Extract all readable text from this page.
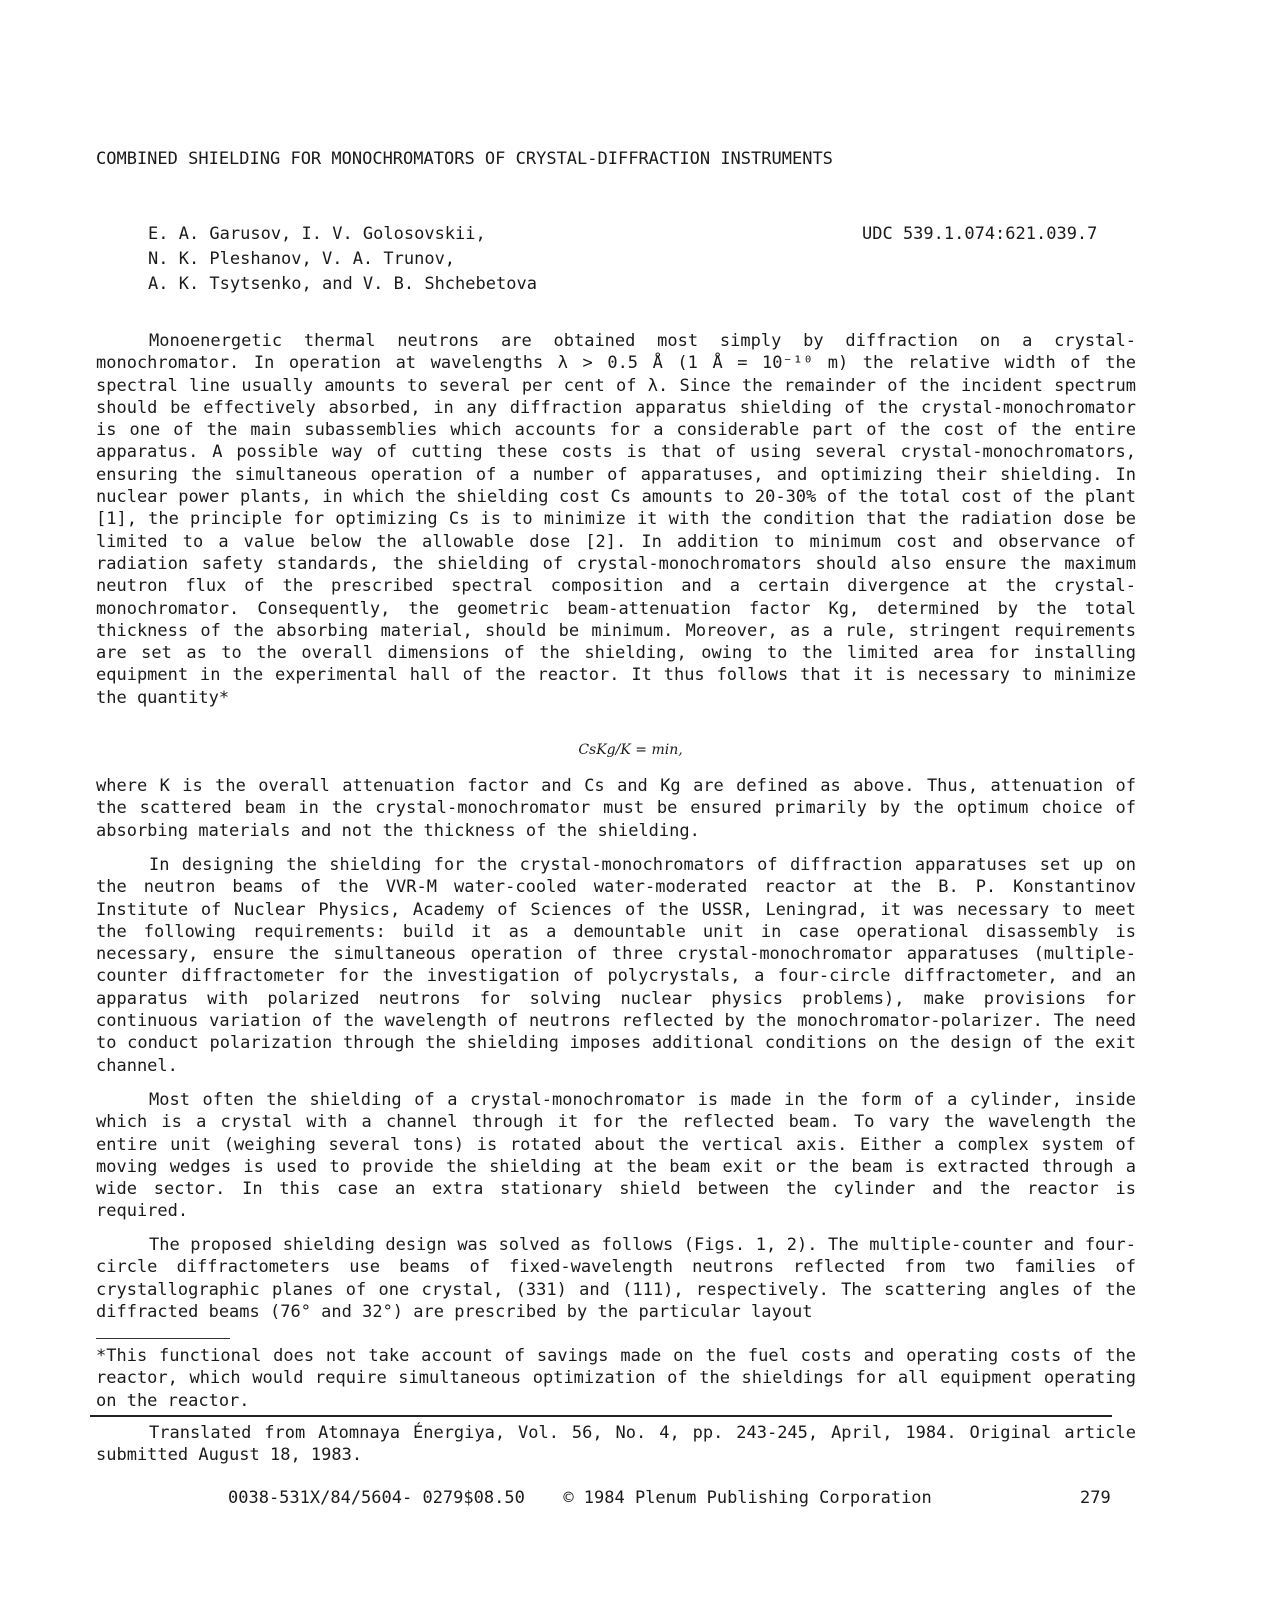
COMBINED SHIELDING FOR MONOCHROMATORS OF CRYSTAL-DIFFRACTION INSTRUMENTS
E. A. Garusov, I. V. Golosovskii,
N. K. Pleshanov, V. A. Trunov,
A. K. Tsytsenko, and V. B. Shchebetova
UDC 539.1.074:621.039.7

Monoenergetic thermal neutrons are obtained most simply by diffraction on a crystal-monochromator. In operation at wavelengths λ > 0.5 Å (1 Å = 10⁻¹⁰ m) the relative width of the spectral line usually amounts to several per cent of λ. Since the remainder of the incident spectrum should be effectively absorbed, in any diffraction apparatus shielding of the crystal-monochromator is one of the main subassemblies which accounts for a considerable part of the cost of the entire apparatus. A possible way of cutting these costs is that of using several crystal-monochromators, ensuring the simultaneous operation of a number of apparatuses, and optimizing their shielding. In nuclear power plants, in which the shielding cost Cs amounts to 20-30% of the total cost of the plant [1], the principle for optimizing Cs is to minimize it with the condition that the radiation dose be limited to a value below the allowable dose [2]. In addition to minimum cost and observance of radiation safety standards, the shielding of crystal-monochromators should also ensure the maximum neutron flux of the prescribed spectral composition and a certain divergence at the crystal-monochromator. Consequently, the geometric beam-attenuation factor Kg, determined by the total thickness of the absorbing material, should be minimum. Moreover, as a rule, stringent requirements are set as to the overall dimensions of the shielding, owing to the limited area for installing equipment in the experimental hall of the reactor. It thus follows that it is necessary to minimize the quantity*

CsKg/K = min,

where K is the overall attenuation factor and Cs and Kg are defined as above. Thus, attenuation of the scattered beam in the crystal-monochromator must be ensured primarily by the optimum choice of absorbing materials and not the thickness of the shielding.

In designing the shielding for the crystal-monochromators of diffraction apparatuses set up on the neutron beams of the VVR-M water-cooled water-moderated reactor at the B. P. Konstantinov Institute of Nuclear Physics, Academy of Sciences of the USSR, Leningrad, it was necessary to meet the following requirements: build it as a demountable unit in case operational disassembly is necessary, ensure the simultaneous operation of three crystal-monochromator apparatuses (multiple-counter diffractometer for the investigation of polycrystals, a four-circle diffractometer, and an apparatus with polarized neutrons for solving nuclear physics problems), make provisions for continuous variation of the wavelength of neutrons reflected by the monochromator-polarizer. The need to conduct polarization through the shielding imposes additional conditions on the design of the exit channel.

Most often the shielding of a crystal-monochromator is made in the form of a cylinder, inside which is a crystal with a channel through it for the reflected beam. To vary the wavelength the entire unit (weighing several tons) is rotated about the vertical axis. Either a complex system of moving wedges is used to provide the shielding at the beam exit or the beam is extracted through a wide sector. In this case an extra stationary shield between the cylinder and the reactor is required.

The proposed shielding design was solved as follows (Figs. 1, 2). The multiple-counter and four-circle diffractometers use beams of fixed-wavelength neutrons reflected from two families of crystallographic planes of one crystal, (331) and (111), respectively. The scattering angles of the diffracted beams (76° and 32°) are prescribed by the particular layout

*This functional does not take account of savings made on the fuel costs and operating costs of the reactor, which would require simultaneous optimization of the shieldings for all equipment operating on the reactor.

Translated from Atomnaya Énergiya, Vol. 56, No. 4, pp. 243-245, April, 1984. Original article submitted August 18, 1983.

0038-531X/84/5604- 0279$08.50 © 1984 Plenum Publishing Corporation	279
